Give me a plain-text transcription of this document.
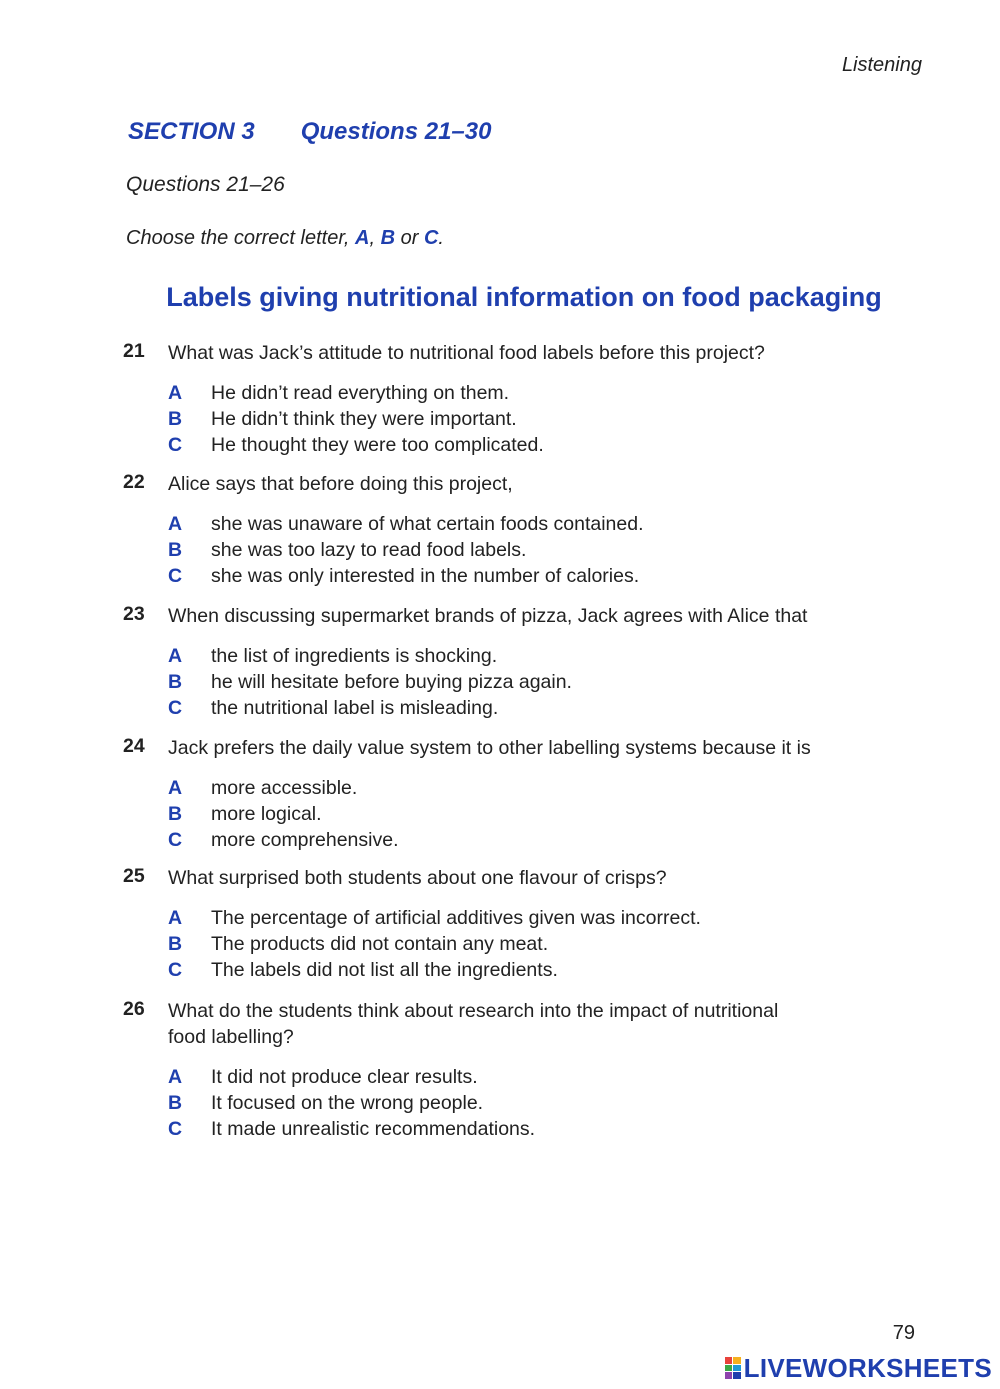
Listening
SECTION 3 Questions 21–30
Questions 21–26
Choose the correct letter, A, B or C.
Labels giving nutritional information on food packaging
21 What was Jack’s attitude to nutritional food labels before this project?
A He didn’t read everything on them.
B He didn’t think they were important.
C He thought they were too complicated.
22 Alice says that before doing this project,
A she was unaware of what certain foods contained.
B she was too lazy to read food labels.
C she was only interested in the number of calories.
23 When discussing supermarket brands of pizza, Jack agrees with Alice that
A the list of ingredients is shocking.
B he will hesitate before buying pizza again.
C the nutritional label is misleading.
24 Jack prefers the daily value system to other labelling systems because it is
A more accessible.
B more logical.
C more comprehensive.
25 What surprised both students about one flavour of crisps?
A The percentage of artificial additives given was incorrect.
B The products did not contain any meat.
C The labels did not list all the ingredients.
26 What do the students think about research into the impact of nutritional food labelling?
A It did not produce clear results.
B It focused on the wrong people.
C It made unrealistic recommendations.
79
LIVEWORKSHEETS
